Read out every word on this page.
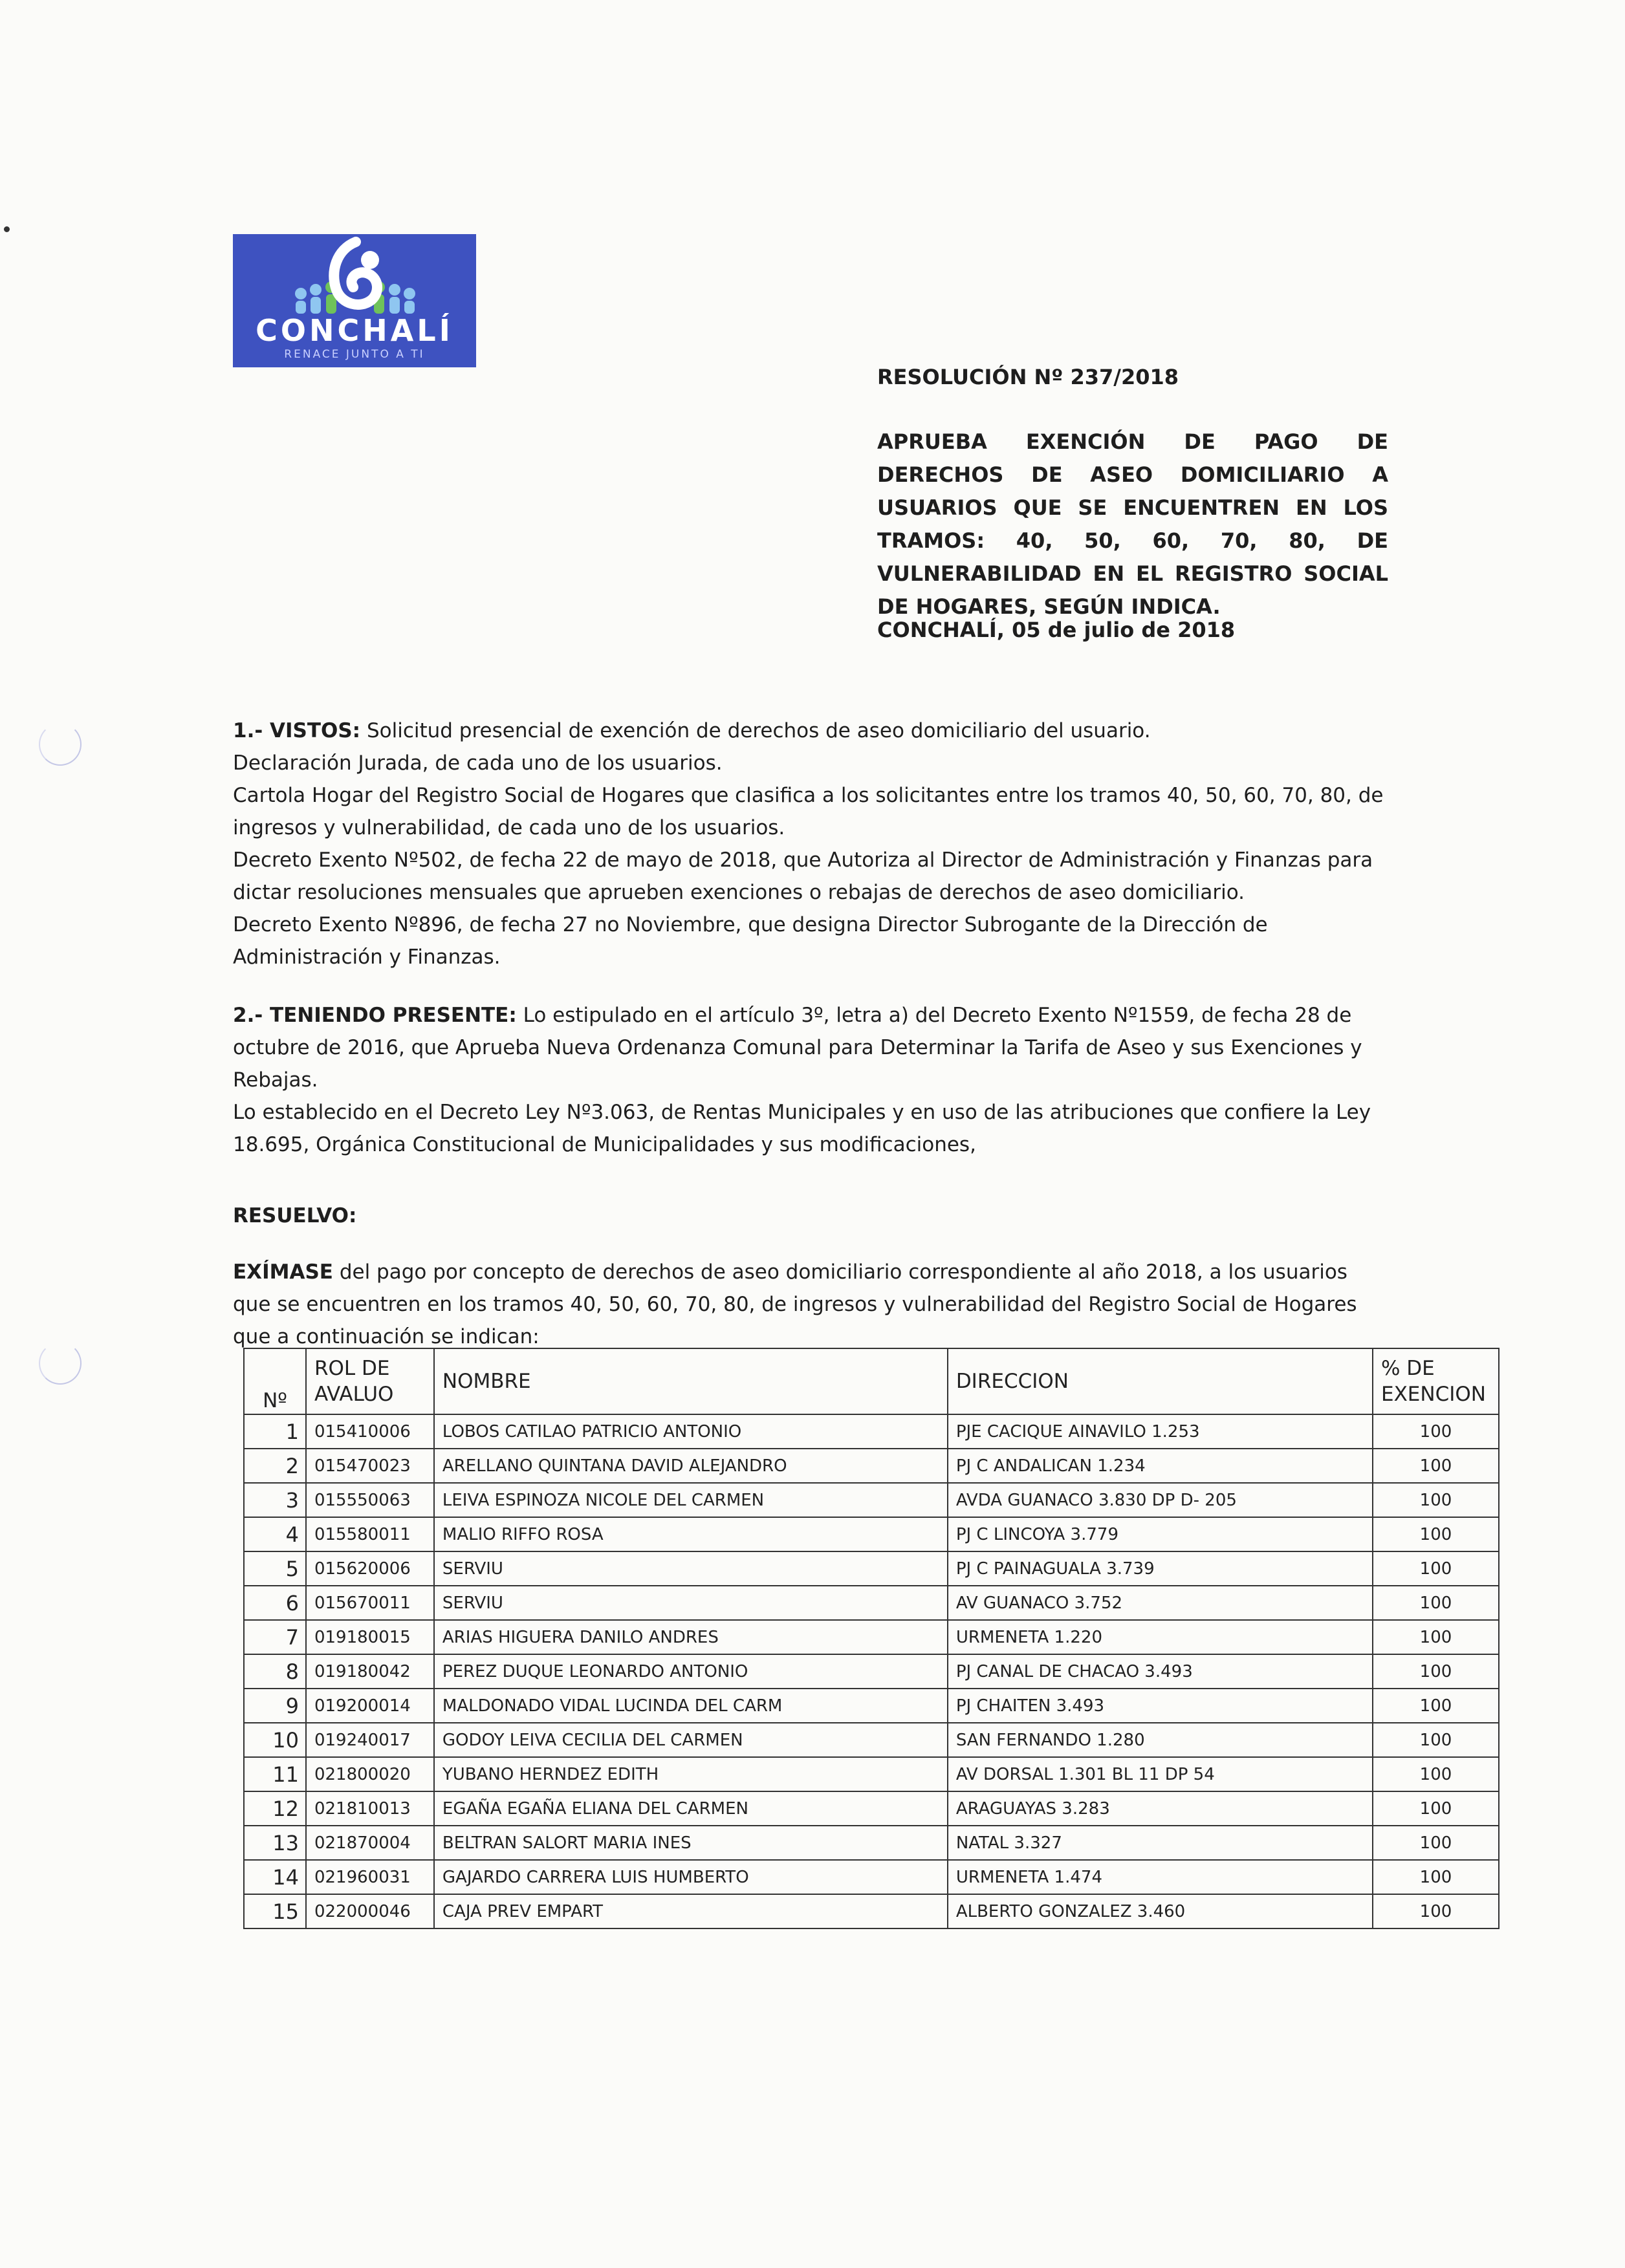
CONCHALÍ
RENACE JUNTO A TI
RESOLUCIÓN Nº 237/2018
APRUEBA EXENCIÓN DE PAGO DE DERECHOS DE ASEO DOMICILIARIO A USUARIOS QUE SE ENCUENTREN EN LOS TRAMOS: 40, 50, 60, 70, 80, DE VULNERABILIDAD EN EL REGISTRO SOCIAL DE HOGARES, SEGÚN INDICA.
CONCHALÍ, 05 de julio de 2018

1.- VISTOS: Solicitud presencial de exención de derechos de aseo domiciliario del usuario.

Declaración Jurada, de cada uno de los usuarios.

Cartola Hogar del Registro Social de Hogares que clasifica a los solicitantes entre los tramos 40, 50, 60, 70, 80, de ingresos y vulnerabilidad, de cada uno de los usuarios.

Decreto Exento Nº502, de fecha 22 de mayo de 2018, que Autoriza al Director de Administración y Finanzas para dictar resoluciones mensuales que aprueben exenciones o rebajas de derechos de aseo domiciliario.

Decreto Exento Nº896, de fecha 27 no Noviembre, que designa Director Subrogante de la Dirección de Administración y Finanzas.

2.- TENIENDO PRESENTE: Lo estipulado en el artículo 3º, letra a) del Decreto Exento Nº1559, de fecha 28 de octubre de 2016, que Aprueba Nueva Ordenanza Comunal para Determinar la Tarifa de Aseo y sus Exenciones y Rebajas.

Lo establecido en el Decreto Ley Nº3.063, de Rentas Municipales y en uso de las atribuciones que confiere la Ley 18.695, Orgánica Constitucional de Municipalidades y sus modificaciones,

RESUELVO:

EXÍMASE del pago por concepto de derechos de aseo domiciliario correspondiente al año 2018, a los usuarios que se encuentren en los tramos 40, 50, 60, 70, 80, de ingresos y vulnerabilidad del Registro Social de Hogares que a continuación se indican:

Nº	ROL DE AVALUO	NOMBRE	DIRECCION	% DE EXENCION
1	015410006	LOBOS CATILAO PATRICIO ANTONIO	PJE CACIQUE AINAVILO 1.253	100
2	015470023	ARELLANO QUINTANA DAVID ALEJANDRO	PJ C ANDALICAN 1.234	100
3	015550063	LEIVA ESPINOZA NICOLE DEL CARMEN	AVDA GUANACO 3.830 DP D- 205	100
4	015580011	MALIO RIFFO ROSA	PJ C LINCOYA 3.779	100
5	015620006	SERVIU	PJ C PAINAGUALA 3.739	100
6	015670011	SERVIU	AV GUANACO 3.752	100
7	019180015	ARIAS HIGUERA DANILO ANDRES	URMENETA 1.220	100
8	019180042	PEREZ DUQUE LEONARDO ANTONIO	PJ CANAL DE CHACAO 3.493	100
9	019200014	MALDONADO VIDAL LUCINDA DEL CARM	PJ CHAITEN 3.493	100
10	019240017	GODOY LEIVA CECILIA DEL CARMEN	SAN FERNANDO 1.280	100
11	021800020	YUBANO HERNDEZ EDITH	AV DORSAL 1.301 BL 11 DP 54	100
12	021810013	EGAÑA EGAÑA ELIANA DEL CARMEN	ARAGUAYAS 3.283	100
13	021870004	BELTRAN SALORT MARIA INES	NATAL 3.327	100
14	021960031	GAJARDO CARRERA LUIS HUMBERTO	URMENETA 1.474	100
15	022000046	CAJA PREV EMPART	ALBERTO GONZALEZ 3.460	100
